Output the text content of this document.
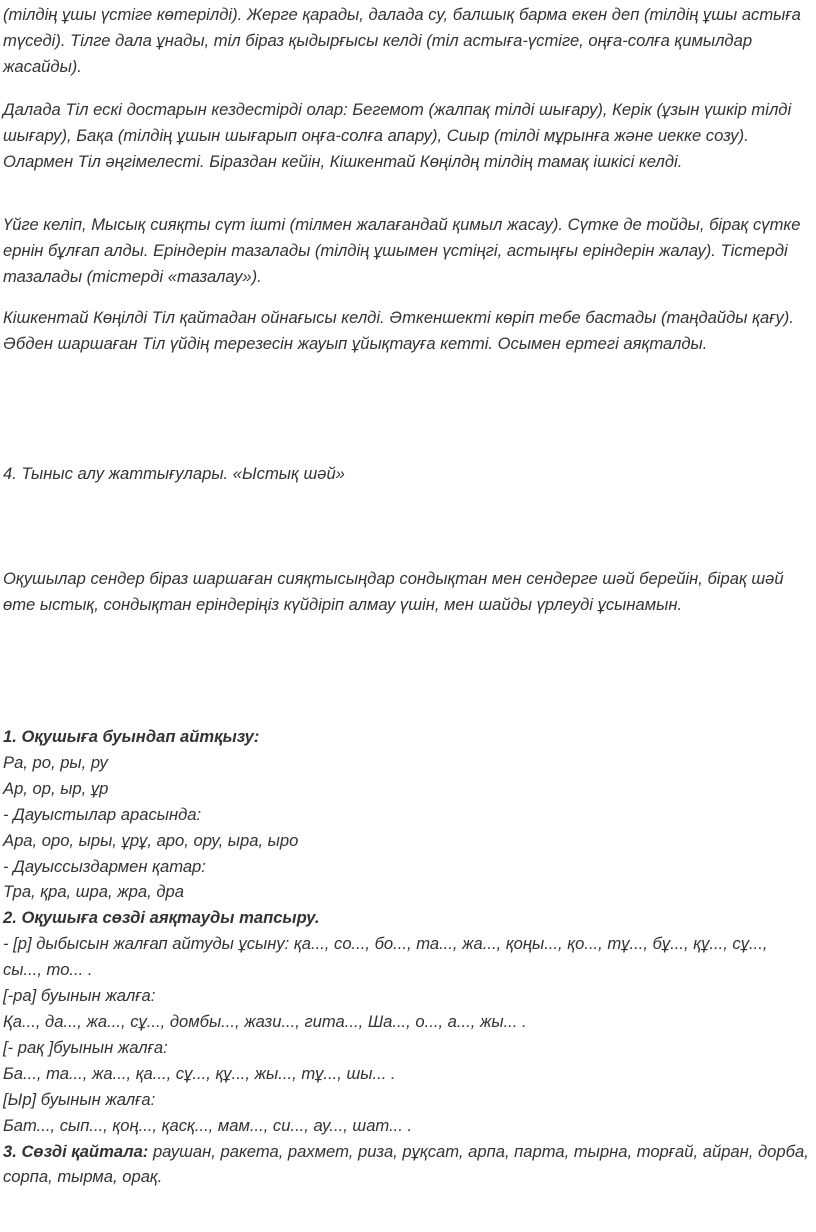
(тілдің ұшы үстіге көтерілді). Жерге қарады, далада су, балшық барма екен деп (тілдің ұшы астыға түседі). Тілге дала ұнады, тіл біраз қыдырғысы келді (тіл астыға-үстіге, оңға-солға қимылдар жасайды).

Далада Тіл ескі достарын кездестірді олар: Бегемот (жалпақ тілді шығару), Керік (ұзын үшкір тілді шығару), Бақа (тілдің ұшын шығарып оңға-солға апару), Сиыр (тілді мұрынға және иекке созу). Олармен Тіл әңгімелесті. Біраздан кейін, Кішкентай Көңілдң тілдің тамақ ішкісі келді.

Үйге келіп, Мысық сияқты сүт ішті (тілмен жалағандай қимыл жасау). Сүтке де тойды, бірақ сүтке ернін бұлғап алды. Еріндерін тазалады (тілдің ұшымен үстіңгі, астыңғы еріндерін жалау). Тістерді тазалады (тістерді «тазалау»).

Кішкентай Көңілді Тіл қайтадан ойнағысы келді. Әткеншекті көріп тебе бастады (таңдайды қағу). Әбден шаршаған Тіл үйдің терезесін жауып ұйықтауға кетті. Осымен ертегі аяқталды.

4. Тыныс алу жаттығулары. «Ыстық шәй»

Оқушылар сендер біраз шаршаған сияқтысыңдар сондықтан мен сендерге шәй берейін, бірақ шәй өте ыстық, сондықтан еріндеріңіз күйдіріп алмау үшін, мен шайды үрлеуді ұсынамын.

1. Оқушыға буындап айтқызу:

Ра, ро, ры, ру

Ар, ор, ыр, ұр

- Дауыстылар арасында:

Ара, оро, ыры, ұрұ, аро, ору, ыра, ыро

- Дауыссыздармен қатар:

Тра, қра, шра, жра, дра

2. Оқушыға сөзді аяқтауды тапсыру.

- [р] дыбысын жалғап айтуды ұсыну: қа..., со..., бо..., та..., жа..., қоңы..., қо..., тұ..., бұ..., құ..., сұ..., сы..., то... .

[-ра] буынын жалға:

Қа..., да..., жа..., сұ..., домбы..., жази..., гита..., Ша..., о..., а..., жы... .

[- рақ ]буынын жалға:

Ба..., та..., жа..., қа..., сұ..., құ..., жы..., тұ..., шы... .

[Ыр] буынын жалға:

Бат..., сып..., қоң..., қасқ..., мам..., си..., ау..., шат... .

3. Сөзді қайтала: раушан, ракета, рахмет, риза, рұқсат, арпа, парта, тырна, торғай, айран, дорба, сорпа, тырма, орақ.
